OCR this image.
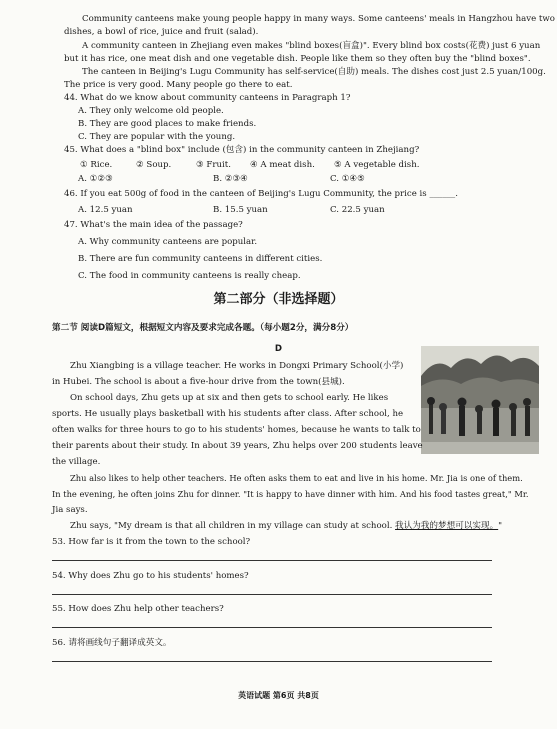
Community canteens make young people happy in many ways. Some canteens' meals in Hangzhou have two
dishes, a bowl of rice, juice and fruit (salad).
A community canteen in Zhejiang even makes "blind boxes(盲盒)". Every blind box costs(花费) just 6 yuan
but it has rice, one meat dish and one vegetable dish. People like them so they often buy the "blind boxes".
The canteen in Beijing's Lugu Community has self-service(自助) meals. The dishes cost just 2.5 yuan/100g.
The price is very good. Many people go there to eat.
44. What do we know about community canteens in Paragraph 1?
A. They only welcome old people.
B. They are good places to make friends.
C. They are popular with the young.
45. What does a "blind box" include (包含) in the community canteen in Zhejiang?
① Rice.	② Soup.	③ Fruit. ④ A meat dish. ⑤ A vegetable dish.
A. ①②③	B. ②③④	C. ①④⑤
46. If you eat 500g of food in the canteen of Beijing's Lugu Community, the price is ______.
A. 12.5 yuan	B. 15.5 yuan	C. 22.5 yuan
47. What's the main idea of the passage?
A. Why community canteens are popular.
B. There are fun community canteens in different cities.
C. The food in community canteens is really cheap.
第二部分（非选择题）
第二节 阅读D篇短文，根据短文内容及要求完成各题。（每小题2分，满分8分）
D
Zhu Xiangbing is a village teacher. He works in Dongxi Primary School(小学)
in Hubei. The school is about a five-hour drive from the town(县城).
On school days, Zhu gets up at six and then gets to school early. He likes
sports. He usually plays basketball with his students after class. After school, he
often walks for three hours to go to his students' homes, because he wants to talk to
their parents about their study. In about 39 years, Zhu helps over 200 students leave
the village.
Zhu also likes to help other teachers. He often asks them to eat and live in his home. Mr. Jia is one of them.
In the evening, he often joins Zhu for dinner. "It is happy to have dinner with him. And his food tastes great," Mr.
Jia says.
Zhu says, "My dream is that all children in my village can study at school. 我认为我的梦想可以实现。"
53. How far is it from the town to the school?
54. Why does Zhu go to his students' homes?
55. How does Zhu help other teachers?
56. 请将画线句子翻译成英文。
英语试题 第6页 共8页
